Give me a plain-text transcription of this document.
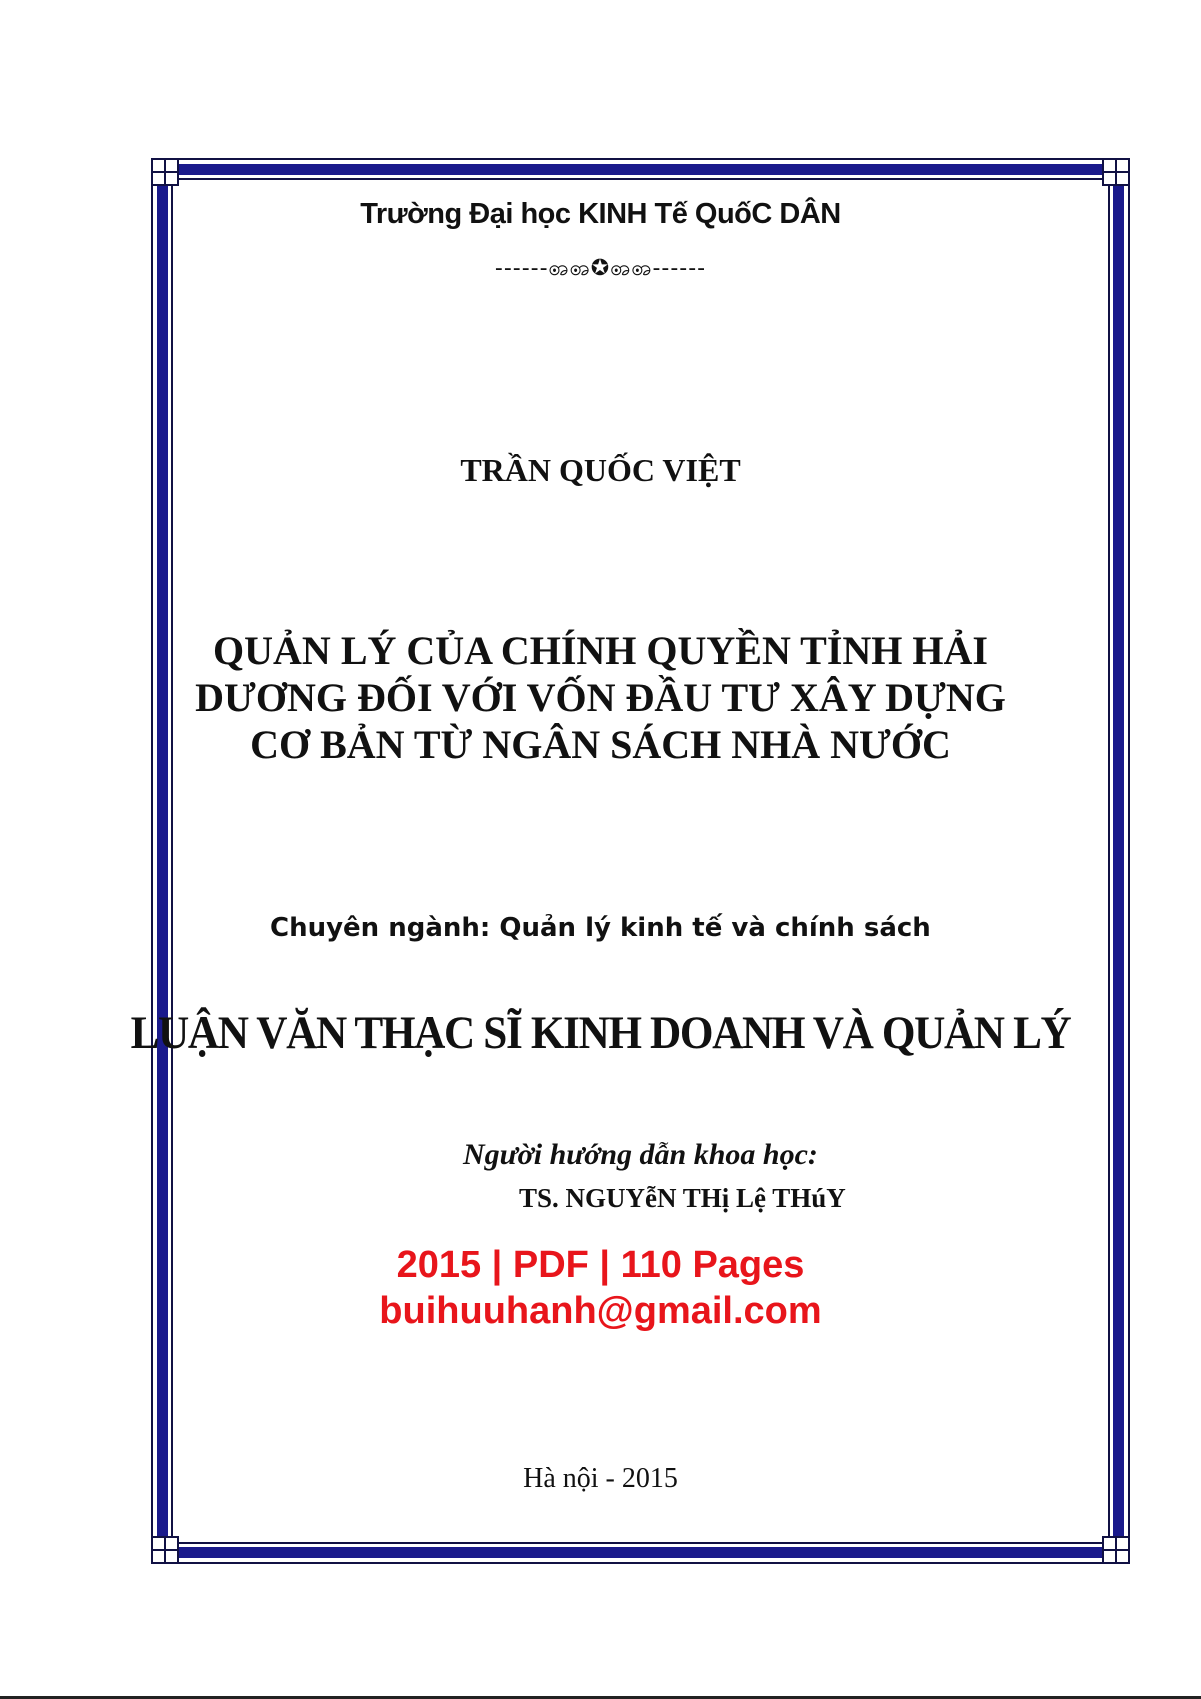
Trường Đại học KINH Tế QuốC DÂN
------ꩨꩨ✪ꩨꩨ------
TRẦN QUỐC VIỆT
QUẢN LÝ CỦA CHÍNH QUYỀN TỈNH HẢI
DƯƠNG ĐỐI VỚI VỐN ĐẦU TƯ XÂY DỰNG
CƠ BẢN TỪ NGÂN SÁCH NHÀ NƯỚC
Chuyên ngành: Quản lý kinh tế và chính sách
LUẬN VĂN THẠC SĨ KINH DOANH VÀ QUẢN LÝ
Người hướng dẫn khoa học:
TS. NGUYễN THị Lệ THúY
2015 | PDF | 110 Pages
buihuuhanh@gmail.com
Hà nội - 2015
